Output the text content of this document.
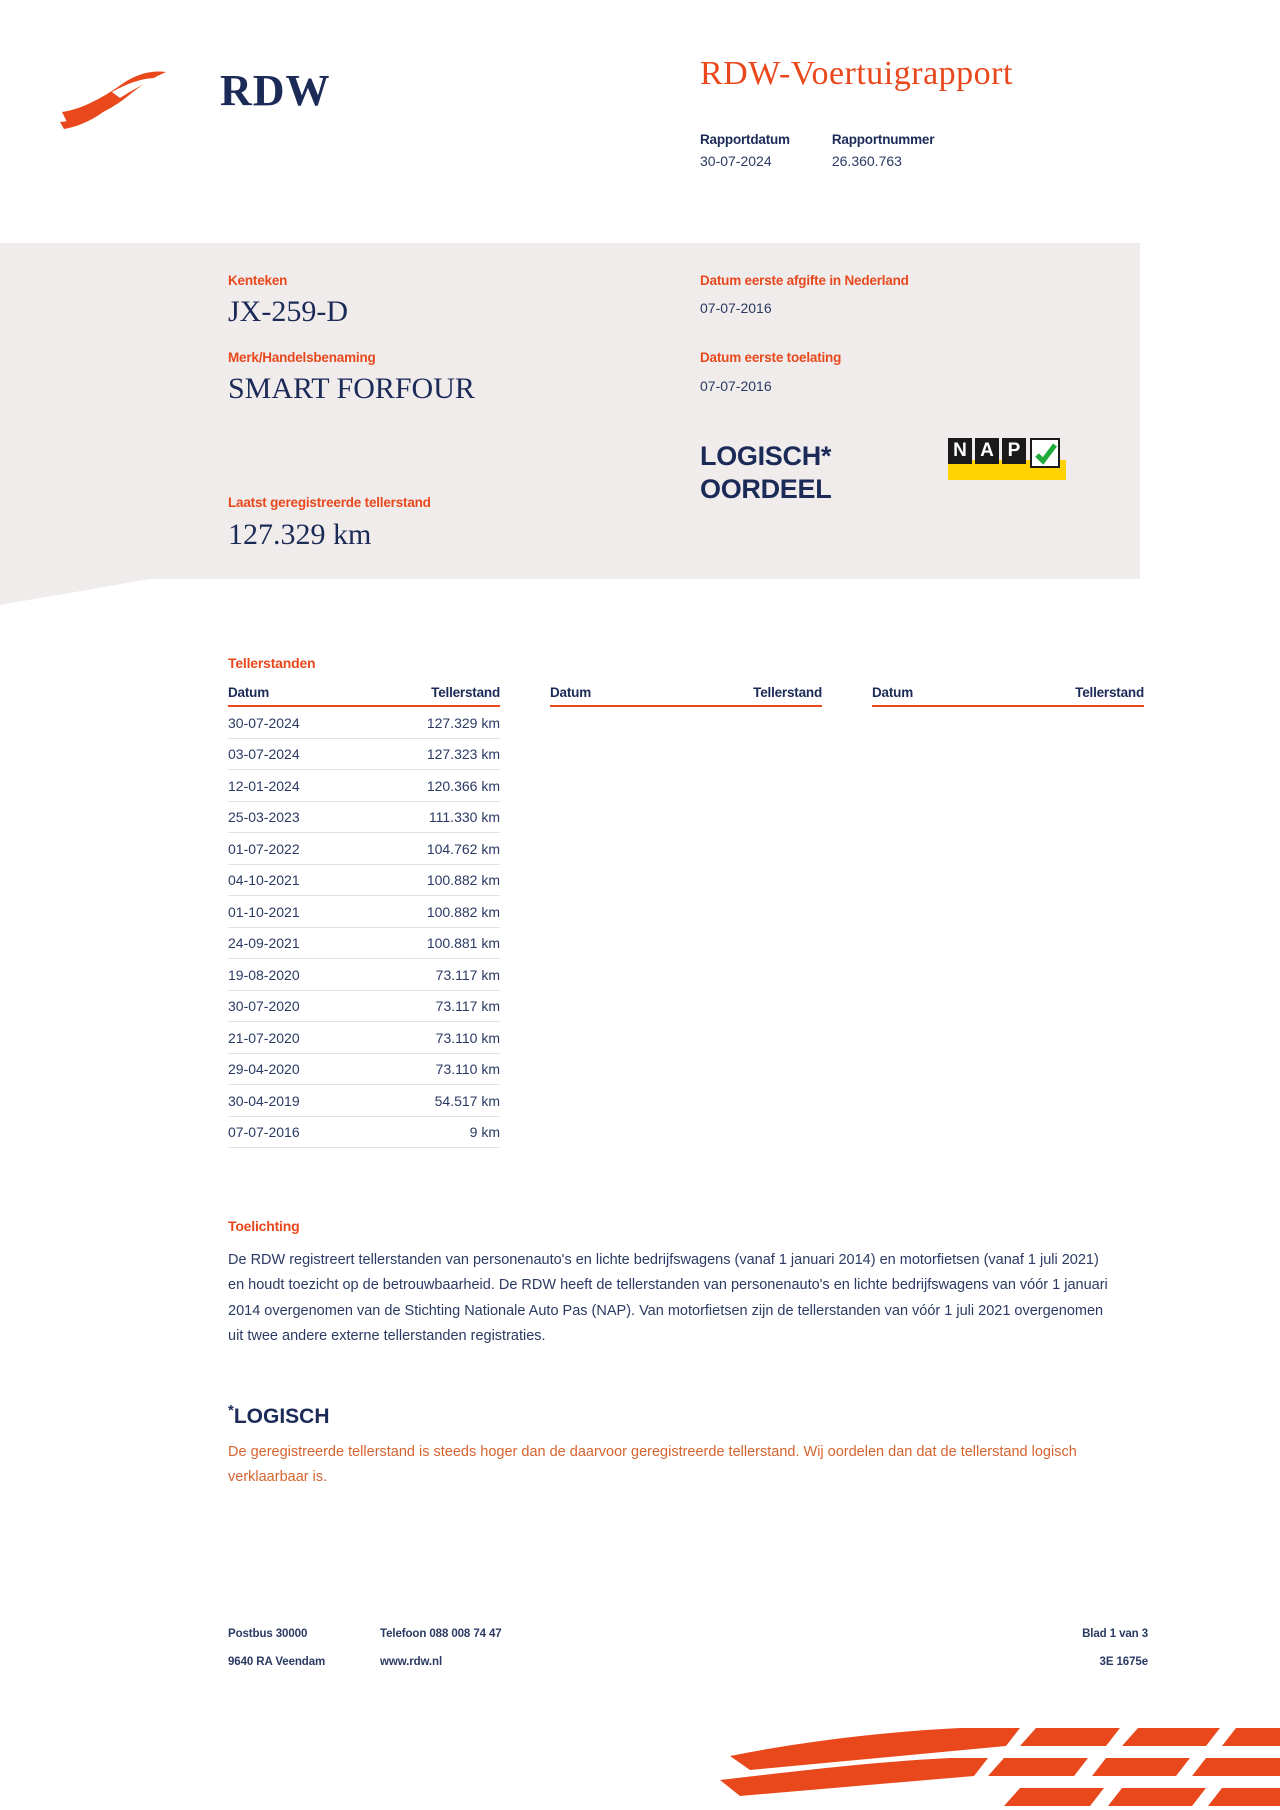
RDW	RDW-Voertuigrapport
Rapportdatum
30-07-2024
Rapportnummer
26.360.763
Kenteken
JX-259-D
Merk/Handelsbenaming
SMART FORFOUR
Laatst geregistreerde tellerstand
127.329 km
Datum eerste afgifte in Nederland
07-07-2016
Datum eerste toelating
07-07-2016
LOGISCH*
OORDEEL
N A P
Tellerstanden
Datum	Tellerstand
30-07-2024	127.329 km
03-07-2024	127.323 km
12-01-2024	120.366 km
25-03-2023	111.330 km
01-07-2022	104.762 km
04-10-2021	100.882 km
01-10-2021	100.882 km
24-09-2021	100.881 km
19-08-2020	73.117 km
30-07-2020	73.117 km
21-07-2020	73.110 km
29-04-2020	73.110 km
30-04-2019	54.517 km
07-07-2016	9 km
Datum	Tellerstand	Datum	Tellerstand
Toelichting
De RDW registreert tellerstanden van personenauto's en lichte bedrijfswagens (vanaf 1 januari 2014) en motorfietsen (vanaf 1 juli 2021) en houdt toezicht op de betrouwbaarheid. De RDW heeft de tellerstanden van personenauto's en lichte bedrijfswagens van vóór 1 januari 2014 overgenomen van de Stichting Nationale Auto Pas (NAP). Van motorfietsen zijn de tellerstanden van vóór 1 juli 2021 overgenomen uit twee andere externe tellerstanden registraties.
*LOGISCH
De geregistreerde tellerstand is steeds hoger dan de daarvoor geregistreerde tellerstand. Wij oordelen dan dat de tellerstand logisch verklaarbaar is.
Postbus 30000	Telefoon 088 008 74 47	Blad 1 van 3
9640 RA Veendam	www.rdw.nl	3E 1675e
